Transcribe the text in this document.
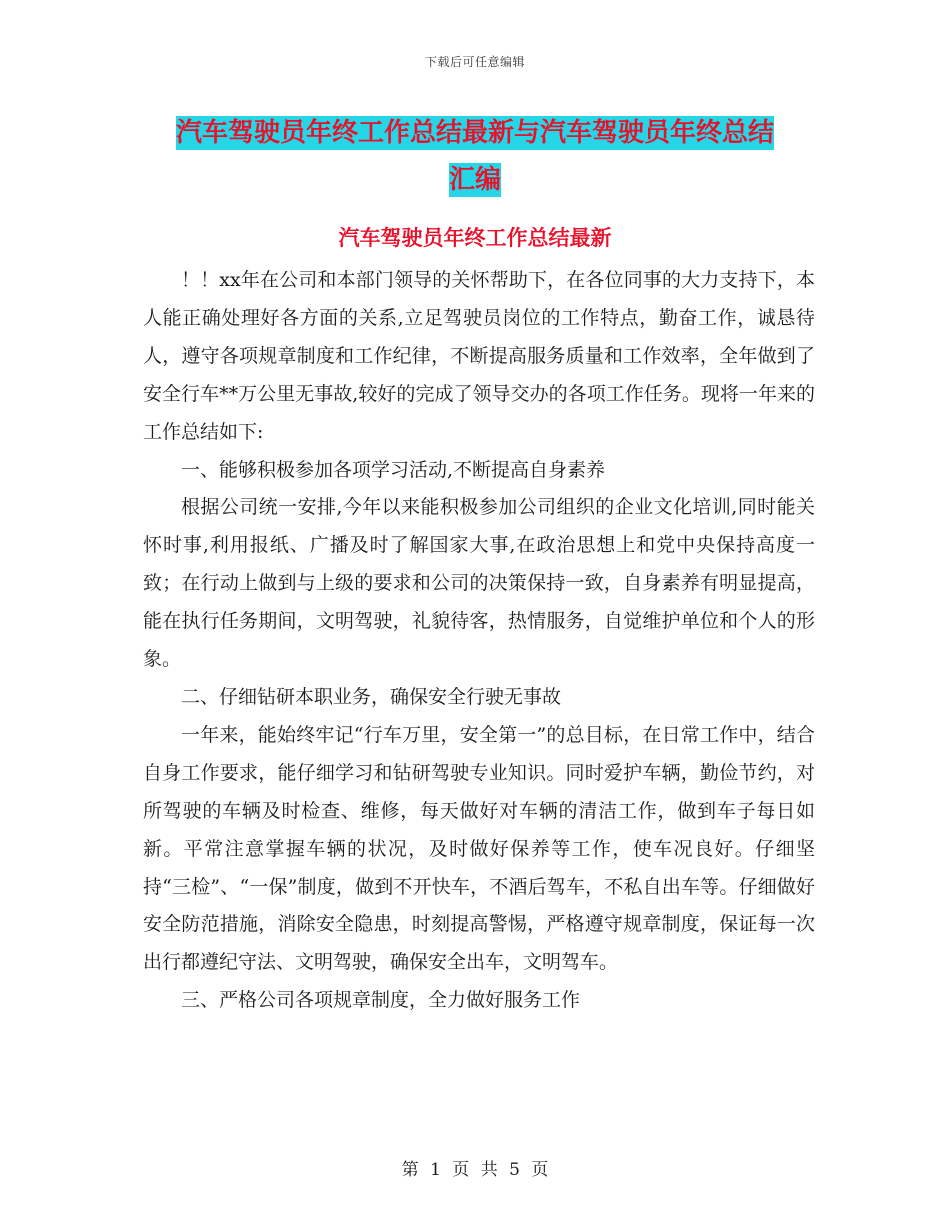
下载后可任意编辑
汽车驾驶员年终工作总结最新与汽车驾驶员年终总结
汇编
汽车驾驶员年终工作总结最新

！！xx年在公司和本部门领导的关怀帮助下，在各位同事的大力支持下，本人能正确处理好各方面的关系,立足驾驶员岗位的工作特点，勤奋工作，诚恳待人，遵守各项规章制度和工作纪律，不断提高服务质量和工作效率，全年做到了安全行车**万公里无事故,较好的完成了领导交办的各项工作任务。现将一年来的工作总结如下:

一、能够积极参加各项学习活动,不断提高自身素养

根据公司统一安排,今年以来能积极参加公司组织的企业文化培训,同时能关怀时事,利用报纸、广播及时了解国家大事,在政治思想上和党中央保持高度一致；在行动上做到与上级的要求和公司的决策保持一致，自身素养有明显提高，能在执行任务期间，文明驾驶，礼貌待客，热情服务，自觉维护单位和个人的形象。

二、仔细钻研本职业务，确保安全行驶无事故

一年来，能始终牢记“行车万里，安全第一”的总目标，在日常工作中，结合自身工作要求，能仔细学习和钻研驾驶专业知识。同时爱护车辆，勤俭节约，对所驾驶的车辆及时检查、维修，每天做好对车辆的清洁工作，做到车子每日如新。平常注意掌握车辆的状况，及时做好保养等工作，使车况良好。仔细坚持“三检”、“一保”制度，做到不开快车，不酒后驾车，不私自出车等。仔细做好安全防范措施，消除安全隐患，时刻提高警惕，严格遵守规章制度，保证每一次出行都遵纪守法、文明驾驶，确保安全出车，文明驾车。

三、严格公司各项规章制度，全力做好服务工作

第 1 页 共 5 页
